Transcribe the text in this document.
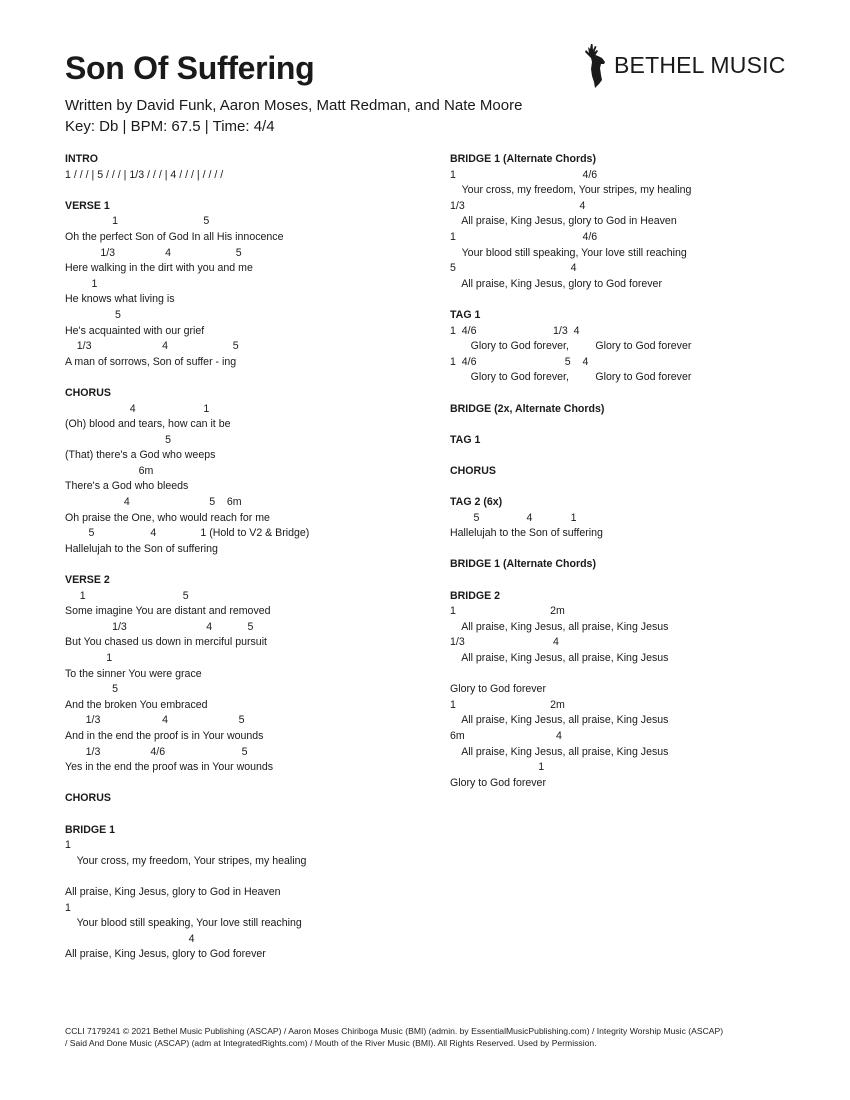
Son Of Suffering
Written by David Funk, Aaron Moses, Matt Redman, and Nate Moore
Key: Db | BPM: 67.5 | Time: 4/4
BETHEL MUSIC
INTRO
1 / / / | 5 / / / | 1/3 / / / | 4 / / / | / / / /
VERSE 1
1                             5
Oh the perfect Son of God In all His innocence
1/3                 4                      5
Here walking in the dirt with you and me
1
He knows what living is
5
He's acquainted with our grief
1/3                        4                      5
A man of sorrows, Son of suffer - ing
CHORUS
4                       1
(Oh) blood and tears, how can it be
5
(That) there's a God who weeps
6m
There's a God who bleeds
4                           5    6m
Oh praise the One, who would reach for me
5                   4               1 (Hold to V2 & Bridge)
Hallelujah to the Son of suffering
VERSE 2
1                                 5
Some imagine You are distant and removed
1/3                           4            5
But You chased us down in merciful pursuit
1
To the sinner You were grace
5
And the broken You embraced
1/3                     4                        5
And in the end the proof is in Your wounds
1/3                 4/6                          5
Yes in the end the proof was in Your wounds
CHORUS
BRIDGE 1
1
Your cross, my freedom, Your stripes, my healing
All praise, King Jesus, glory to God in Heaven
1
Your blood still speaking, Your love still reaching
4
All praise, King Jesus, glory to God forever
BRIDGE 1 (Alternate Chords)
1                                           4/6
Your cross, my freedom, Your stripes, my healing
1/3                                       4
All praise, King Jesus, glory to God in Heaven
1                                           4/6
Your blood still speaking, Your love still reaching
5                                       4
All praise, King Jesus, glory to God forever
TAG 1
1  4/6                          1/3  4
Glory to God forever,         Glory to God forever
1  4/6                              5    4
Glory to God forever,         Glory to God forever
BRIDGE (2x, Alternate Chords)
TAG 1
CHORUS
TAG 2 (6x)
5                4             1
Hallelujah to the Son of suffering
BRIDGE 1 (Alternate Chords)
BRIDGE 2
1                                2m
All praise, King Jesus, all praise, King Jesus
1/3                              4
All praise, King Jesus, all praise, King Jesus
Glory to God forever
1                                2m
All praise, King Jesus, all praise, King Jesus
6m                               4
All praise, King Jesus, all praise, King Jesus
1
Glory to God forever
CCLI 7179241 © 2021 Bethel Music Publishing (ASCAP) / Aaron Moses Chiriboga Music (BMI) (admin. by EssentialMusicPublishing.com) / Integrity Worship Music (ASCAP)
/ Said And Done Music (ASCAP) (adm at IntegratedRights.com) / Mouth of the River Music (BMI). All Rights Reserved. Used by Permission.
